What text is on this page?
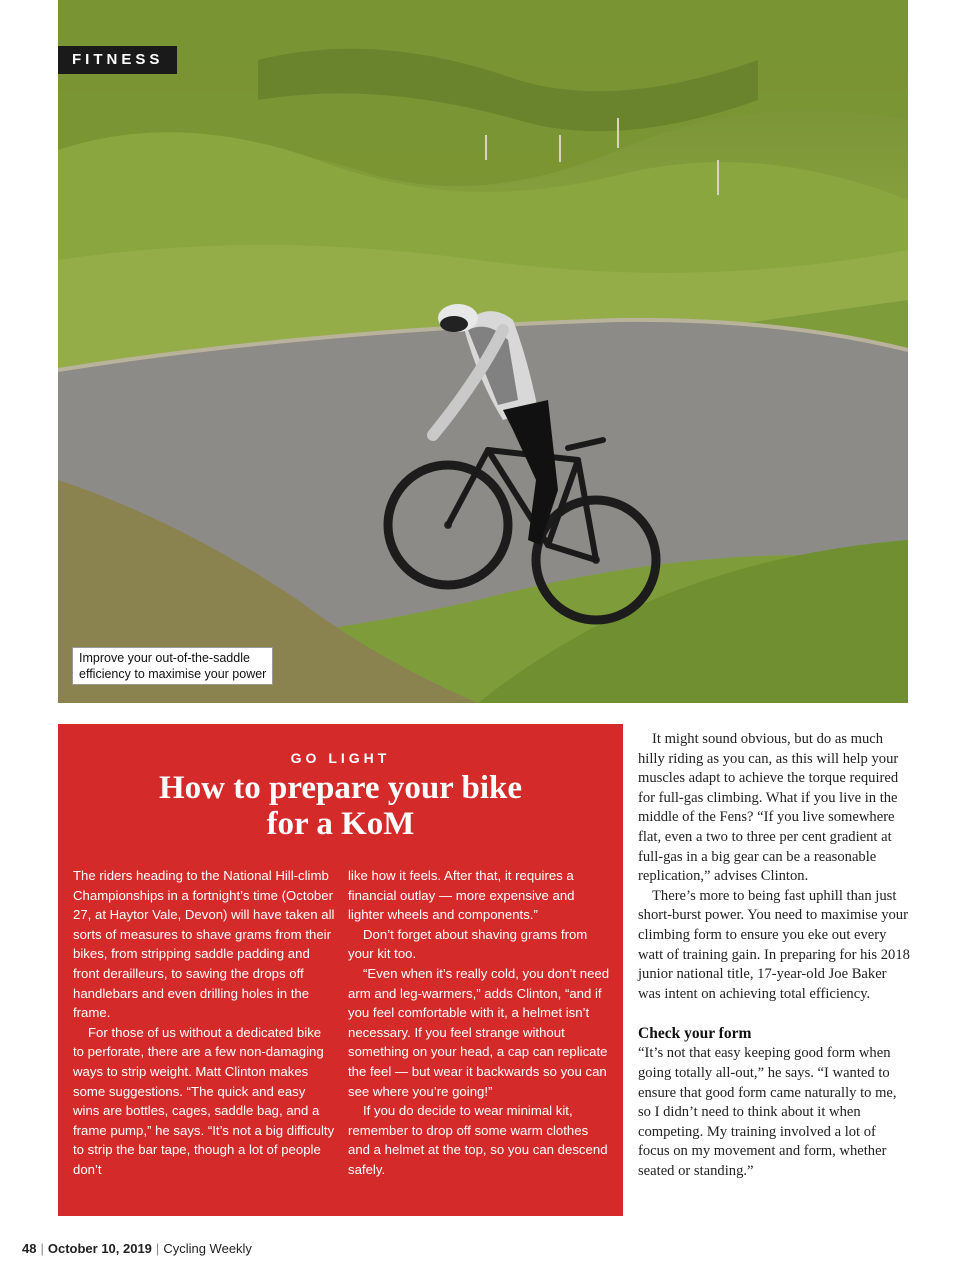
FITNESS
Improve your out-of-the-saddle
efficiency to maximise your power
GO LIGHT
How to prepare your bike
for a KoM

The riders heading to the National Hill-climb Championships in a fortnight’s time (October 27, at Haytor Vale, Devon) will have taken all sorts of measures to shave grams from their bikes, from stripping saddle padding and front derailleurs, to sawing the drops off handlebars and even drilling holes in the frame.

For those of us without a dedicated bike to perforate, there are a few non-damaging ways to strip weight. Matt Clinton makes some suggestions. “The quick and easy wins are bottles, cages, saddle bag, and a frame pump,” he says. “It’s not a big difficulty to strip the bar tape, though a lot of people don’t

like how it feels. After that, it requires a financial outlay — more expensive and lighter wheels and components.”

Don’t forget about shaving grams from your kit too.

“Even when it’s really cold, you don’t need arm and leg-warmers,” adds Clinton, “and if you feel comfortable with it, a helmet isn’t necessary. If you feel strange without something on your head, a cap can replicate the feel — but wear it backwards so you can see where you’re going!”

If you do decide to wear minimal kit, remember to drop off some warm clothes and a helmet at the top, so you can descend safely.

It might sound obvious, but do as much hilly riding as you can, as this will help your muscles adapt to achieve the torque required for full-gas climbing. What if you live in the middle of the Fens? “If you live somewhere flat, even a two to three per cent gradient at full-gas in a big gear can be a reasonable replication,” advises Clinton.

There’s more to being fast uphill than just short-burst power. You need to maximise your climbing form to ensure you eke out every watt of training gain. In preparing for his 2018 junior national title, 17-year-old Joe Baker was intent on achieving total efficiency.

Check your form

“It’s not that easy keeping good form when going totally all-out,” he says. “I wanted to ensure that good form came naturally to me, so I didn’t need to think about it when competing. My training involved a lot of focus on my movement and form, whether seated or standing.”

48 | October 10, 2019 | Cycling Weekly
